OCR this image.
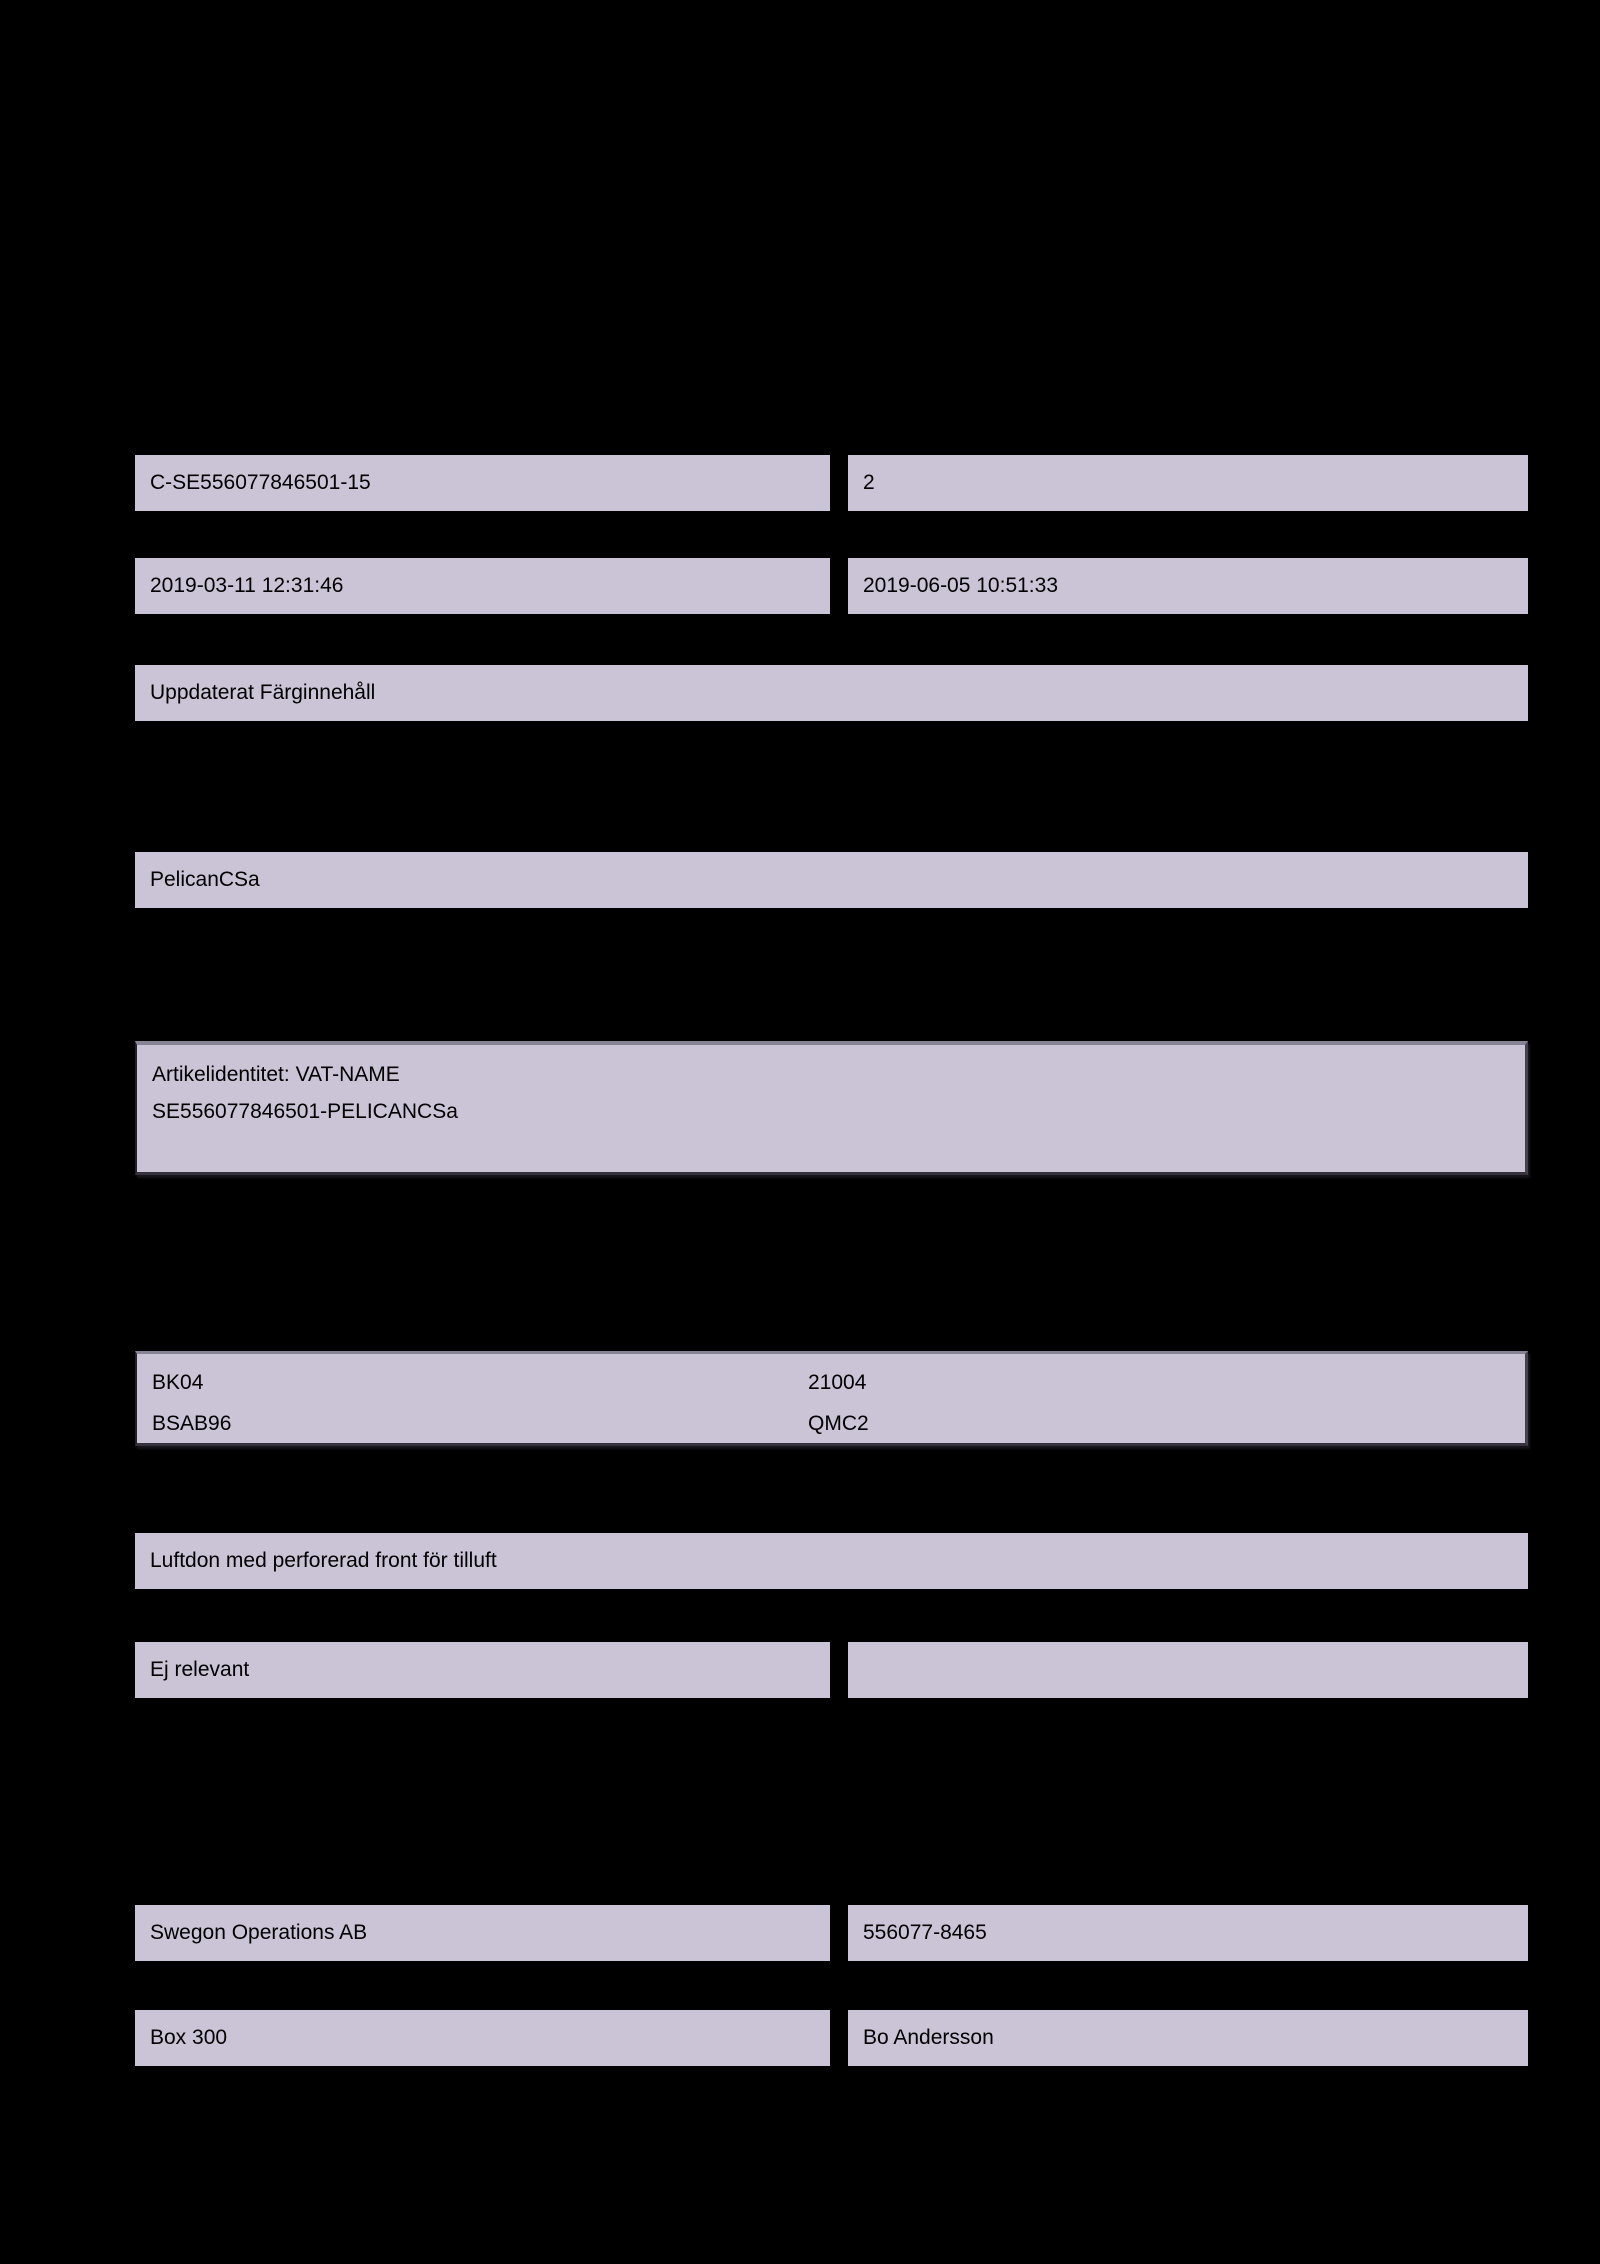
C-SE556077846501-15	2
2019-03-11 12:31:46	2019-06-05 10:51:33
Uppdaterat Färginnehåll
PelicanCSa
Artikelidentitet: VAT-NAME
SE556077846501-PELICANCSa
BK04	21004
BSAB96	QMC2
Luftdon med perforerad front för tilluft
Ej relevant
Swegon Operations AB	556077-8465
Box 300	Bo Andersson
